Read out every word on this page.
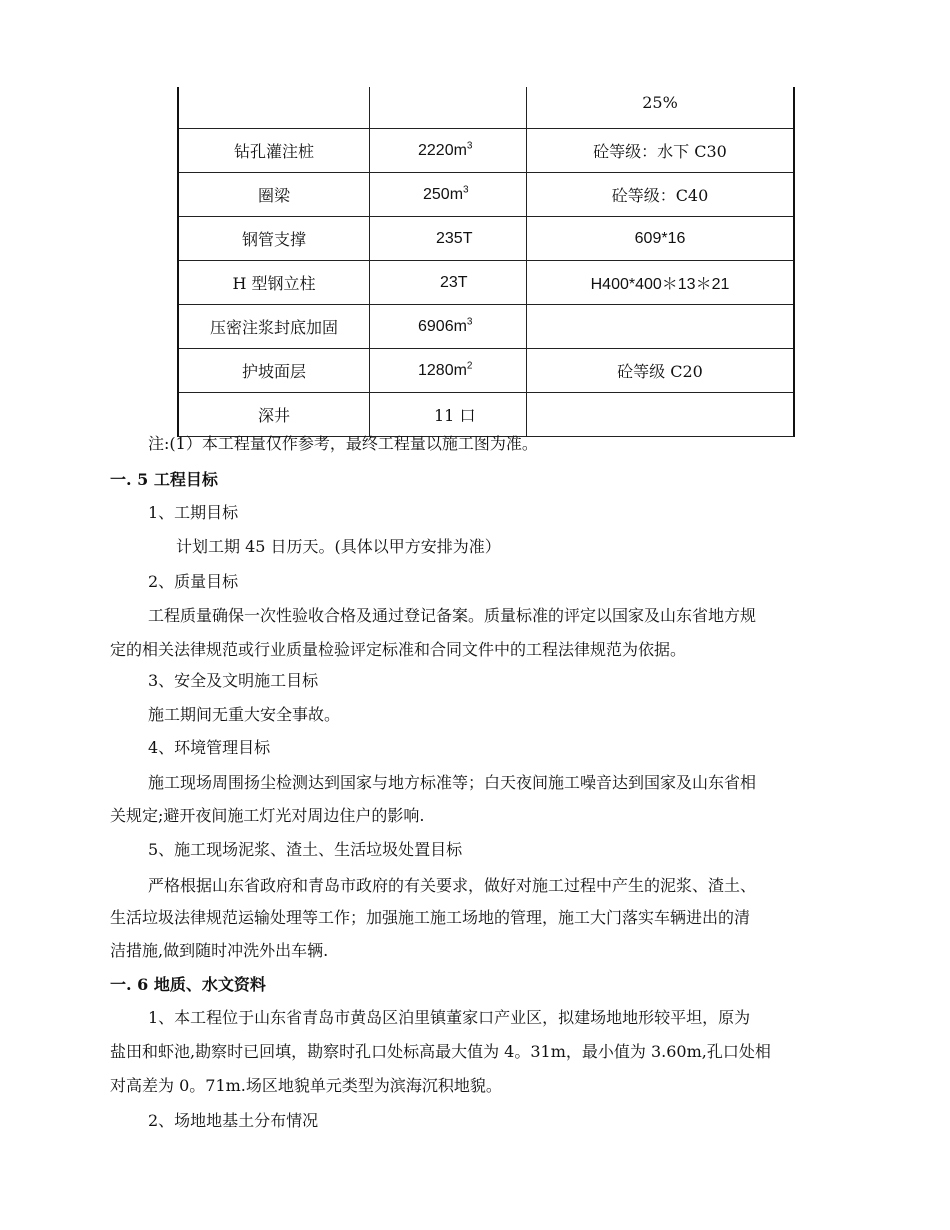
		25%
钻孔灌注桩	$2220m^3$	砼等级：水下 C30
圈梁	$250m^3$	砼等级：C40
钢管支撑	235T	609*16
H 型钢立柱	23T	H400*400＊13＊21
压密注浆封底加固	$6906m^3$	
护坡面层	$1280m^2$	砼等级 C20
深井	11 口	
注:(1）本工程量仅作参考，最终工程量以施工图为准。
一. 5 工程目标
1、工期目标
计划工期 45 日历天。(具体以甲方安排为准）
2、质量目标
工程质量确保一次性验收合格及通过登记备案。质量标准的评定以国家及山东省地方规
定的相关法律规范或行业质量检验评定标准和合同文件中的工程法律规范为依据。
3、安全及文明施工目标
施工期间无重大安全事故。
4、环境管理目标
施工现场周围扬尘检测达到国家与地方标准等；白天夜间施工噪音达到国家及山东省相
关规定;避开夜间施工灯光对周边住户的影响.
5、施工现场泥浆、渣土、生活垃圾处置目标
严格根据山东省政府和青岛市政府的有关要求，做好对施工过程中产生的泥浆、渣土、
生活垃圾法律规范运输处理等工作；加强施工施工场地的管理，施工大门落实车辆进出的清
洁措施,做到随时冲洗外出车辆.
一. 6 地质、水文资料
1、本工程位于山东省青岛市黄岛区泊里镇董家口产业区，拟建场地地形较平坦，原为
盐田和虾池,勘察时已回填，勘察时孔口处标高最大值为 4。31m，最小值为 3.60m,孔口处相
对高差为 0。71m.场区地貌单元类型为滨海沉积地貌。
2、场地地基土分布情况
